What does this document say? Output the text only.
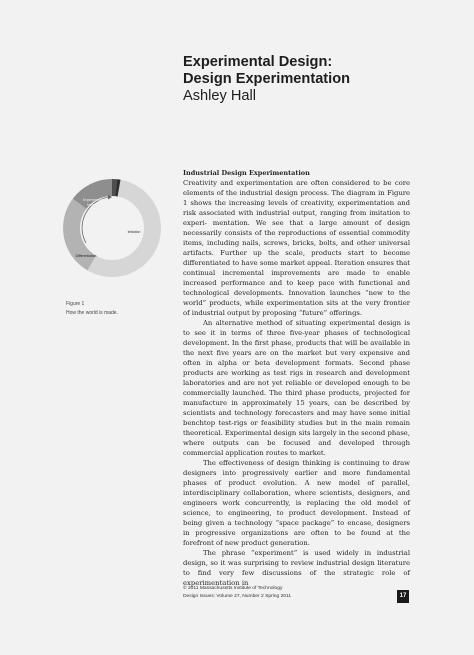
Experimental Design:
Design Experimentation
Ashley Hall
Experimentation
Innovation
Iteration
Imitation
Differentiation
Figure 1
How the world is made.

Industrial Design Experimentation

Creativity and experimentation are often considered to be core elements of the industrial design process. The diagram in Figure 1 shows the increasing levels of creativity, experimentation and risk associated with industrial output, ranging from imitation to experi- mentation. We see that a large amount of design necessarily consists of the reproductions of essential commodity items, including nails, screws, bricks, bolts, and other universal artifacts. Further up the scale, products start to become differentiated to have some market appeal. Iteration ensures that continual incremental improvements are made to enable increased performance and to keep pace with functional and technological developments. Innovation launches “new to the world” products, while experimentation sits at the very frontier of industrial output by proposing “future” offerings.

An alternative method of situating experimental design is to see it in terms of three five-year phases of technological development. In the first phase, products that will be available in the next five years are on the market but very expensive and often in alpha or beta development formats. Second phase products are working as test rigs in research and development laboratories and are not yet reliable or developed enough to be commercially launched. The third phase products, projected for manufacture in approximately 15 years, can be described by scientists and technology forecasters and may have some initial benchtop test-rigs or feasibility studies but in the main remain theoretical. Experimental design sits largely in the second phase, where outputs can be focused and developed through commercial application routes to market.

The effectiveness of design thinking is continuing to draw designers into progressively earlier and more fundamental phases of product evolution. A new model of parallel, interdisciplinary collaboration, where scientists, designers, and engineers work concurrently, is replacing the old model of science, to engineering, to product development. Instead of being given a technology “space package” to encase, designers in progressive organizations are often to be found at the forefront of new product generation.

The phrase “experiment” is used widely in industrial design, so it was surprising to review industrial design literature to find very few discussions of the strategic role of experimentation in

© 2011 Massachusetts Institute of Technology
Design Issues: Volume 27, Number 2 Spring 2011	17
